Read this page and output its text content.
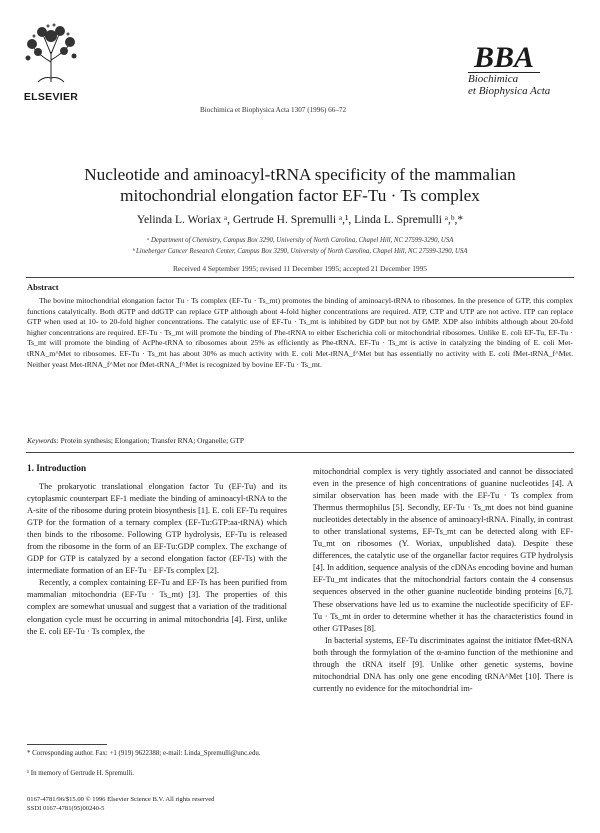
ELSEVIER
Biochimica et Biophysica Acta 1307 (1996) 66–72
BBA
Biochimica
et Biophysica Acta
Nucleotide and aminoacyl-tRNA specificity of the mammalian
mitochondrial elongation factor EF-Tu · Ts complex
Yelinda L. Woriax ᵃ, Gertrude H. Spremulli ᵃ,¹, Linda L. Spremulli ᵃ,ᵇ,*
ᵃ Department of Chemistry, Campus Box 3290, University of North Carolina, Chapel Hill, NC 27599-3290, USA
ᵇ Lineberger Cancer Research Center, Campus Box 3290, University of North Carolina, Chapel Hill, NC 27599-3290, USA
Received 4 September 1995; revised 11 December 1995; accepted 21 December 1995
Abstract
The bovine mitochondrial elongation factor Tu · Ts complex (EF-Tu · Ts_mt) promotes the binding of aminoacyl-tRNA to ribosomes. In the presence of GTP, this complex functions catalytically. Both dGTP and ddGTP can replace GTP although about 4-fold higher concentrations are required. ATP, CTP and UTP are not active. ITP can replace GTP when used at 10- to 20-fold higher concentrations. The catalytic use of EF-Tu · Ts_mt is inhibited by GDP but not by GMP. XDP also inhibits although about 20-fold higher concentrations are required. EF-Tu · Ts_mt will promote the binding of Phe-tRNA to either Escherichia coli or mitochondrial ribosomes. Unlike E. coli EF-Tu, EF-Tu · Ts_mt will promote the binding of AcPhe-tRNA to ribosomes about 25% as efficiently as Phe-tRNA. EF-Tu · Ts_mt is active in catalyzing the binding of E. coli Met-tRNA_m^Met to ribosomes. EF-Tu · Ts_mt has about 30% as much activity with E. coli Met-tRNA_f^Met but has essentially no activity with E. coli fMet-tRNA_f^Met. Neither yeast Met-tRNA_f^Met nor fMet-tRNA_f^Met is recognized by bovine EF-Tu · Ts_mt.
Keywords: Protein synthesis; Elongation; Transfer RNA; Organelle; GTP
1. Introduction

The prokaryotic translational elongation factor Tu (EF-Tu) and its cytoplasmic counterpart EF-1 mediate the binding of aminoacyl-tRNA to the A-site of the ribosome during protein biosynthesis [1]. E. coli EF-Tu requires GTP for the formation of a ternary complex (EF-Tu:GTP:aa-tRNA) which then binds to the ribosome. Following GTP hydrolysis, EF-Tu is released from the ribosome in the form of an EF-Tu:GDP complex. The exchange of GDP for GTP is catalyzed by a second elongation factor (EF-Ts) with the intermediate formation of an EF-Tu · EF-Ts complex [2].

Recently, a complex containing EF-Tu and EF-Ts has been purified from mammalian mitochondria (EF-Tu · Ts_mt) [3]. The properties of this complex are somewhat unusual and suggest that a variation of the traditional elongation cycle must be occurring in animal mitochondria [4]. First, unlike the E. coli EF-Tu · Ts complex, the

mitochondrial complex is very tightly associated and cannot be dissociated even in the presence of high concentrations of guanine nucleotides [4]. A similar observation has been made with the EF-Tu · Ts complex from Thermus thermophilus [5]. Secondly, EF-Tu · Ts_mt does not bind guanine nucleotides detectably in the absence of aminoacyl-tRNA. Finally, in contrast to other translational systems, EF-Ts_mt can be detected along with EF-Tu_mt on ribosomes (Y. Woriax, unpublished data). Despite these differences, the catalytic use of the organellar factor requires GTP hydrolysis [4]. In addition, sequence analysis of the cDNAs encoding bovine and human EF-Tu_mt indicates that the mitochondrial factors contain the 4 consensus sequences observed in the other guanine nucleotide binding proteins [6,7]. These observations have led us to examine the nucleotide specificity of EF-Tu · Ts_mt in order to determine whether it has the characteristics found in other GTPases [8].

In bacterial systems, EF-Tu discriminates against the initiator fMet-tRNA both through the formylation of the α-amino function of the methionine and through the tRNA itself [9]. Unlike other genetic systems, bovine mitochondrial DNA has only one gene encoding tRNA^Met [10]. There is currently no evidence for the mitochondrial im-

* Corresponding author. Fax: +1 (919) 9622388; e-mail: Linda_Spremulli@unc.edu.
¹ In memory of Gertrude H. Spremulli.
0167-4781/96/$15.00 © 1996 Elsevier Science B.V. All rights reserved
SSDI 0167-4781(95)00240-5
